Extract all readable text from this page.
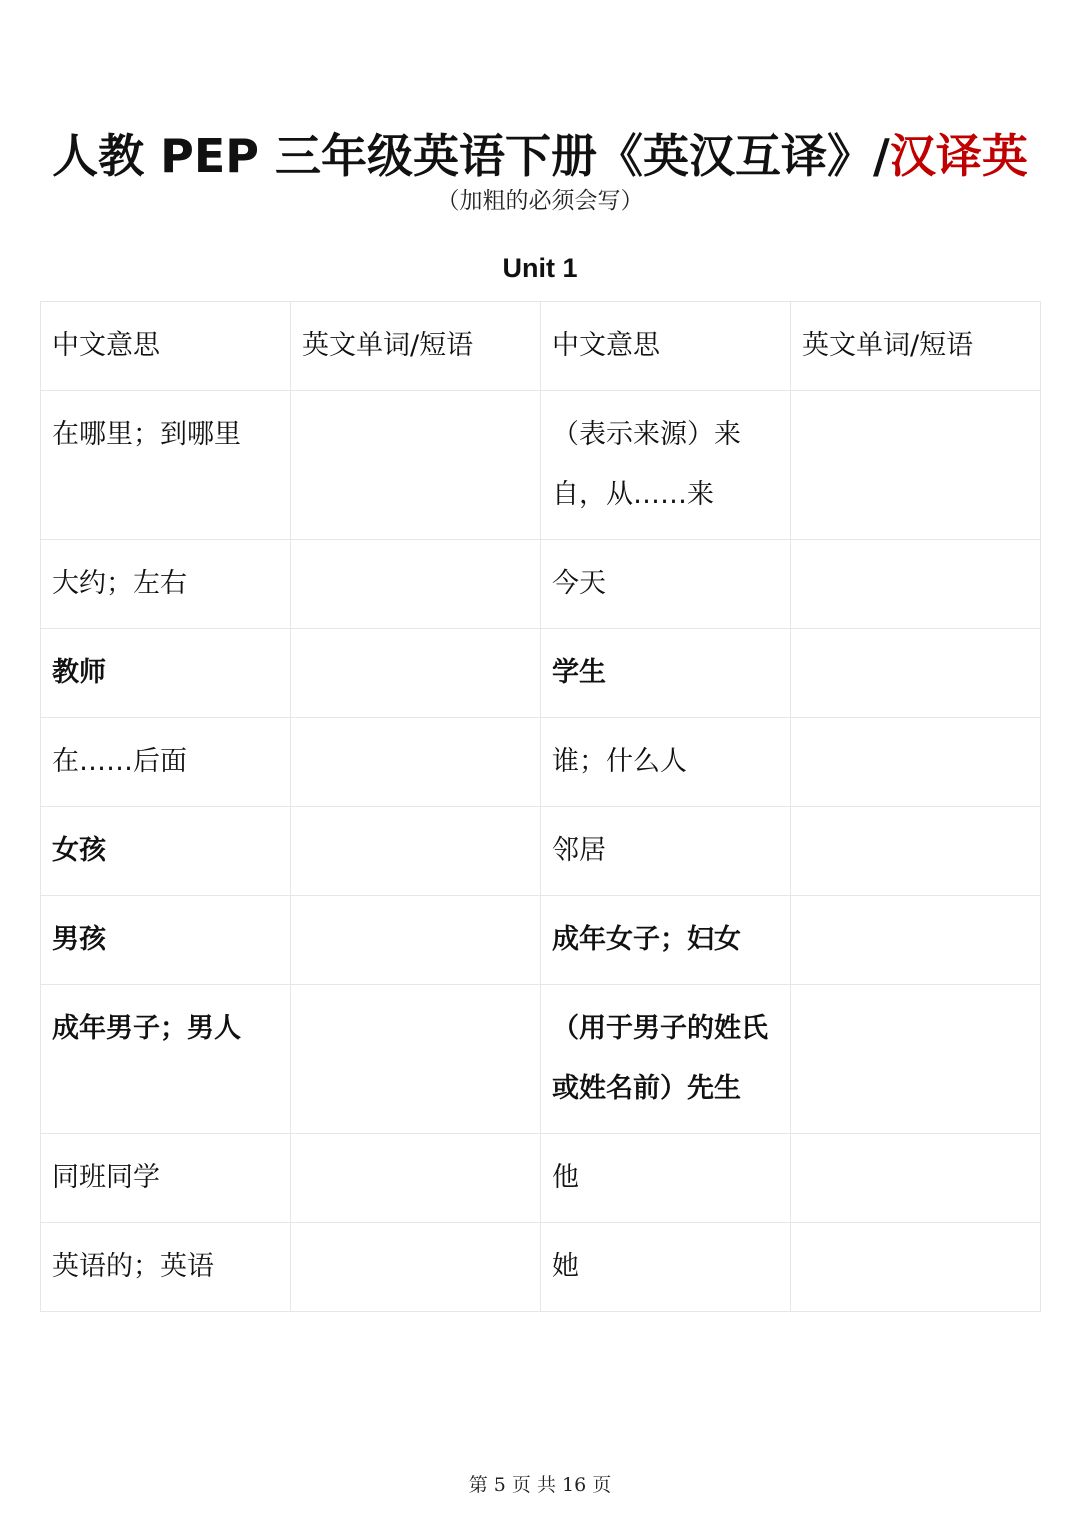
人教 PEP 三年级英语下册《英汉互译》/汉译英
（加粗的必须会写）
Unit 1
中文意思	英文单词/短语	中文意思	英文单词/短语
在哪里；到哪里		（表示来源）来自，从……来	
大约；左右		今天	
教师		学生	
在……后面		谁；什么人	
女孩		邻居	
男孩		成年女子；妇女	
成年男子；男人		（用于男子的姓氏或姓名前）先生	
同班同学		他	
英语的；英语		她	
第 5 页 共 16 页
